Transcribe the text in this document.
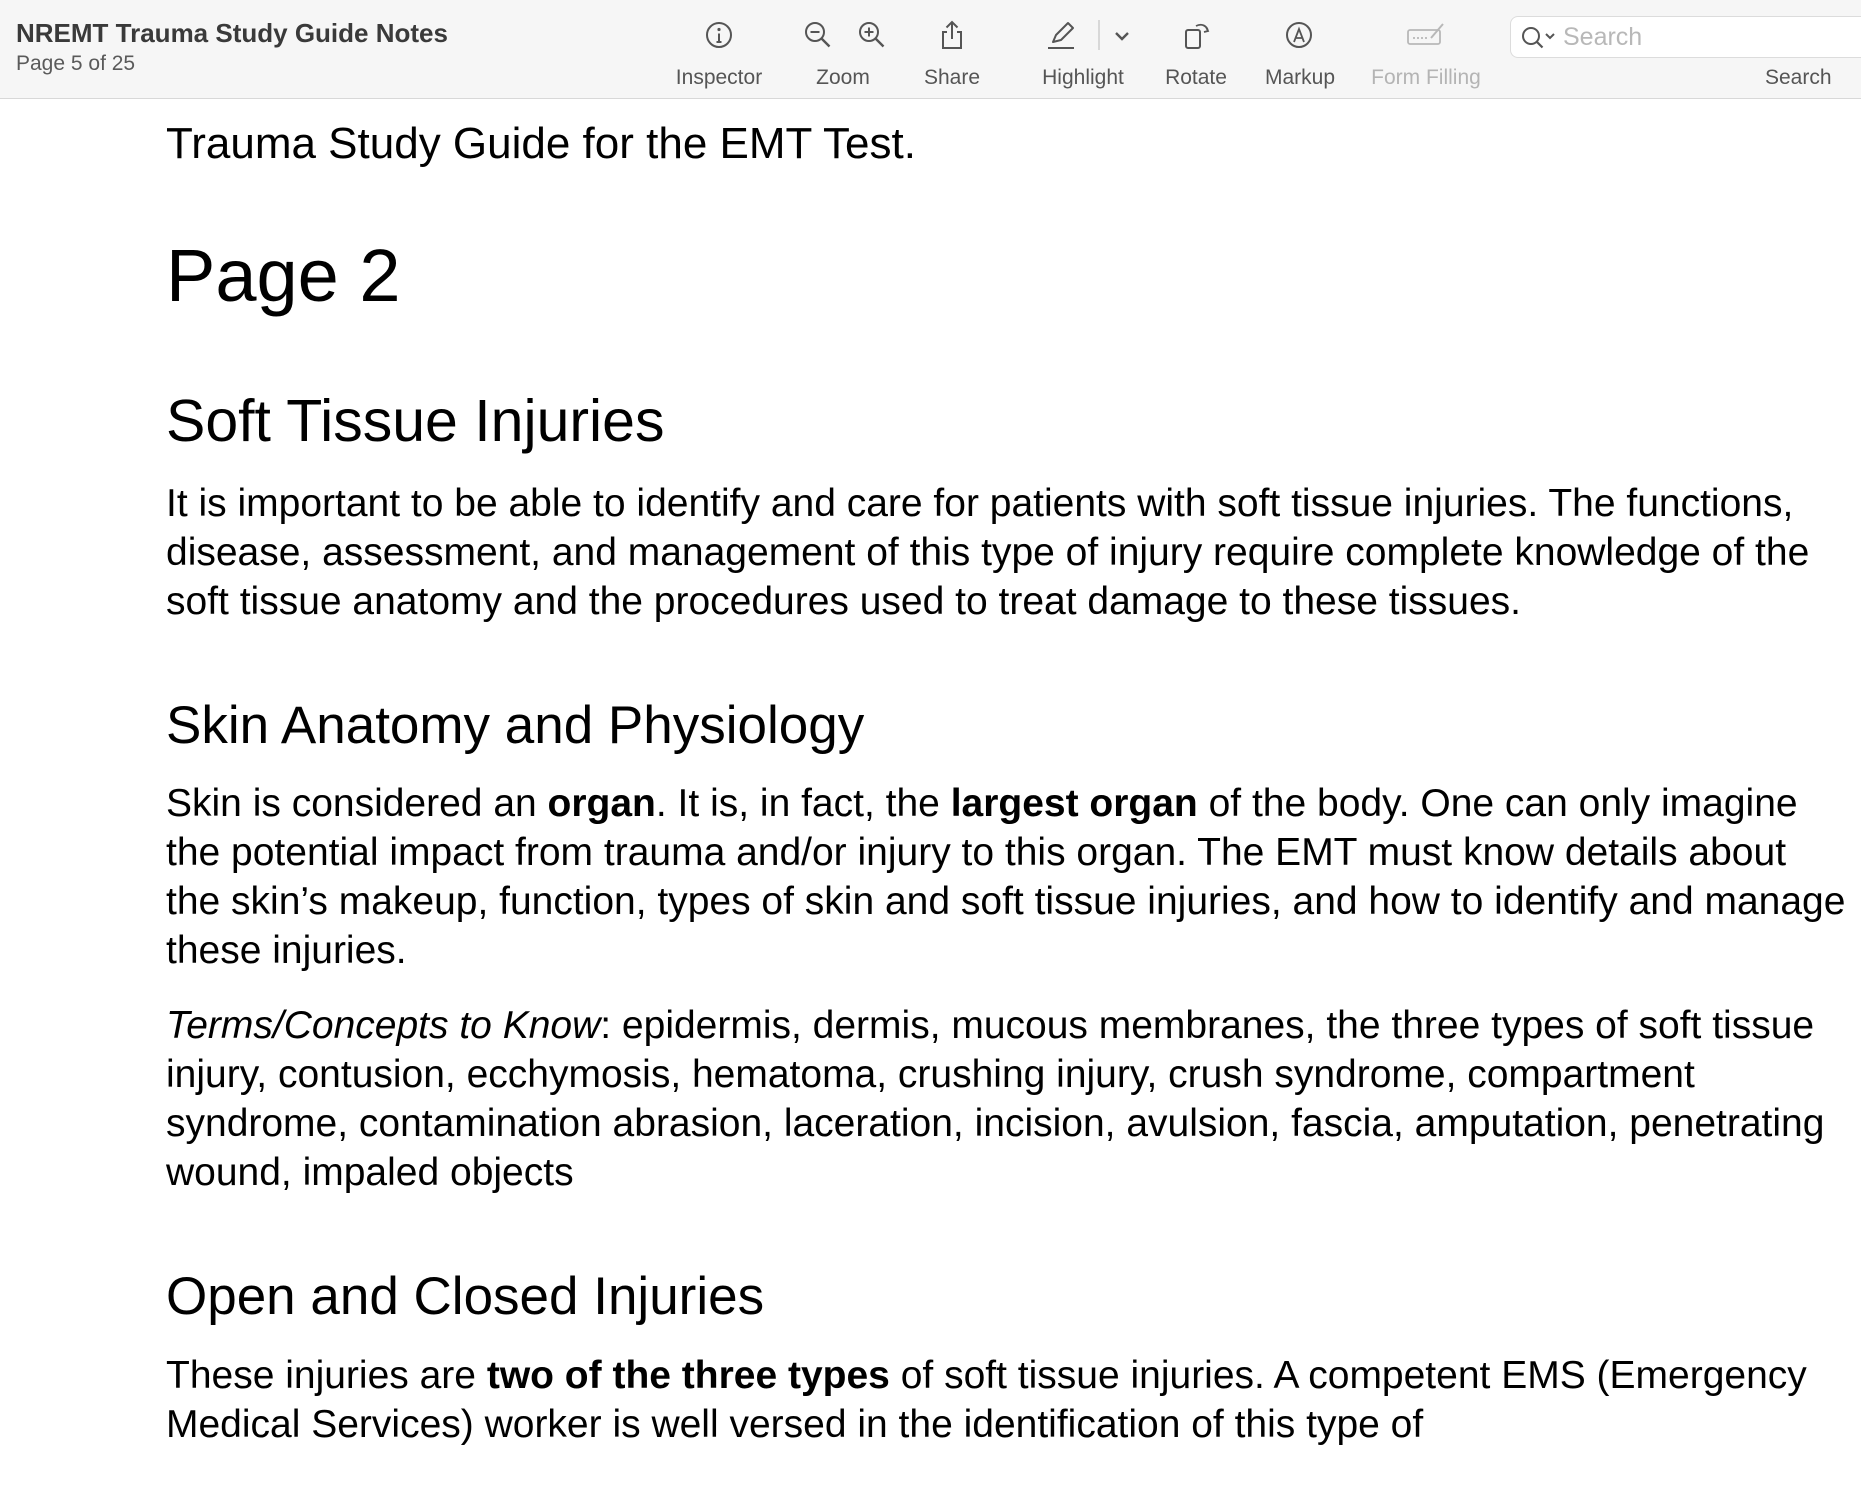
NREMT Trauma Study Guide Notes
Page 5 of 25
Inspector	Zoom	Share	Highlight Rotate Markup Form Filling
Search	Search

Trauma Study Guide for the EMT Test.

Page 2

Soft Tissue Injuries

It is important to be able to identify and care for patients with soft tissue injuries. The functions, disease, assessment, and management of this type of injury require complete knowledge of the soft tissue anatomy and the procedures used to treat damage to these tissues.

Skin Anatomy and Physiology

Skin is considered an organ. It is, in fact, the largest organ of the body. One can only imagine the potential impact from trauma and/or injury to this organ. The EMT must know details about the skin’s makeup, function, types of skin and soft tissue injuries, and how to identify and manage these injuries.

Terms/Concepts to Know: epidermis, dermis, mucous membranes, the three types of soft tissue injury, contusion, ecchymosis, hematoma, crushing injury, crush syndrome, compartment syndrome, contamination abrasion, laceration, incision, avulsion, fascia, amputation, penetrating wound, impaled objects

Open and Closed Injuries

These injuries are two of the three types of soft tissue injuries. A competent EMS (Emergency Medical Services) worker is well versed in the identification of this type of
